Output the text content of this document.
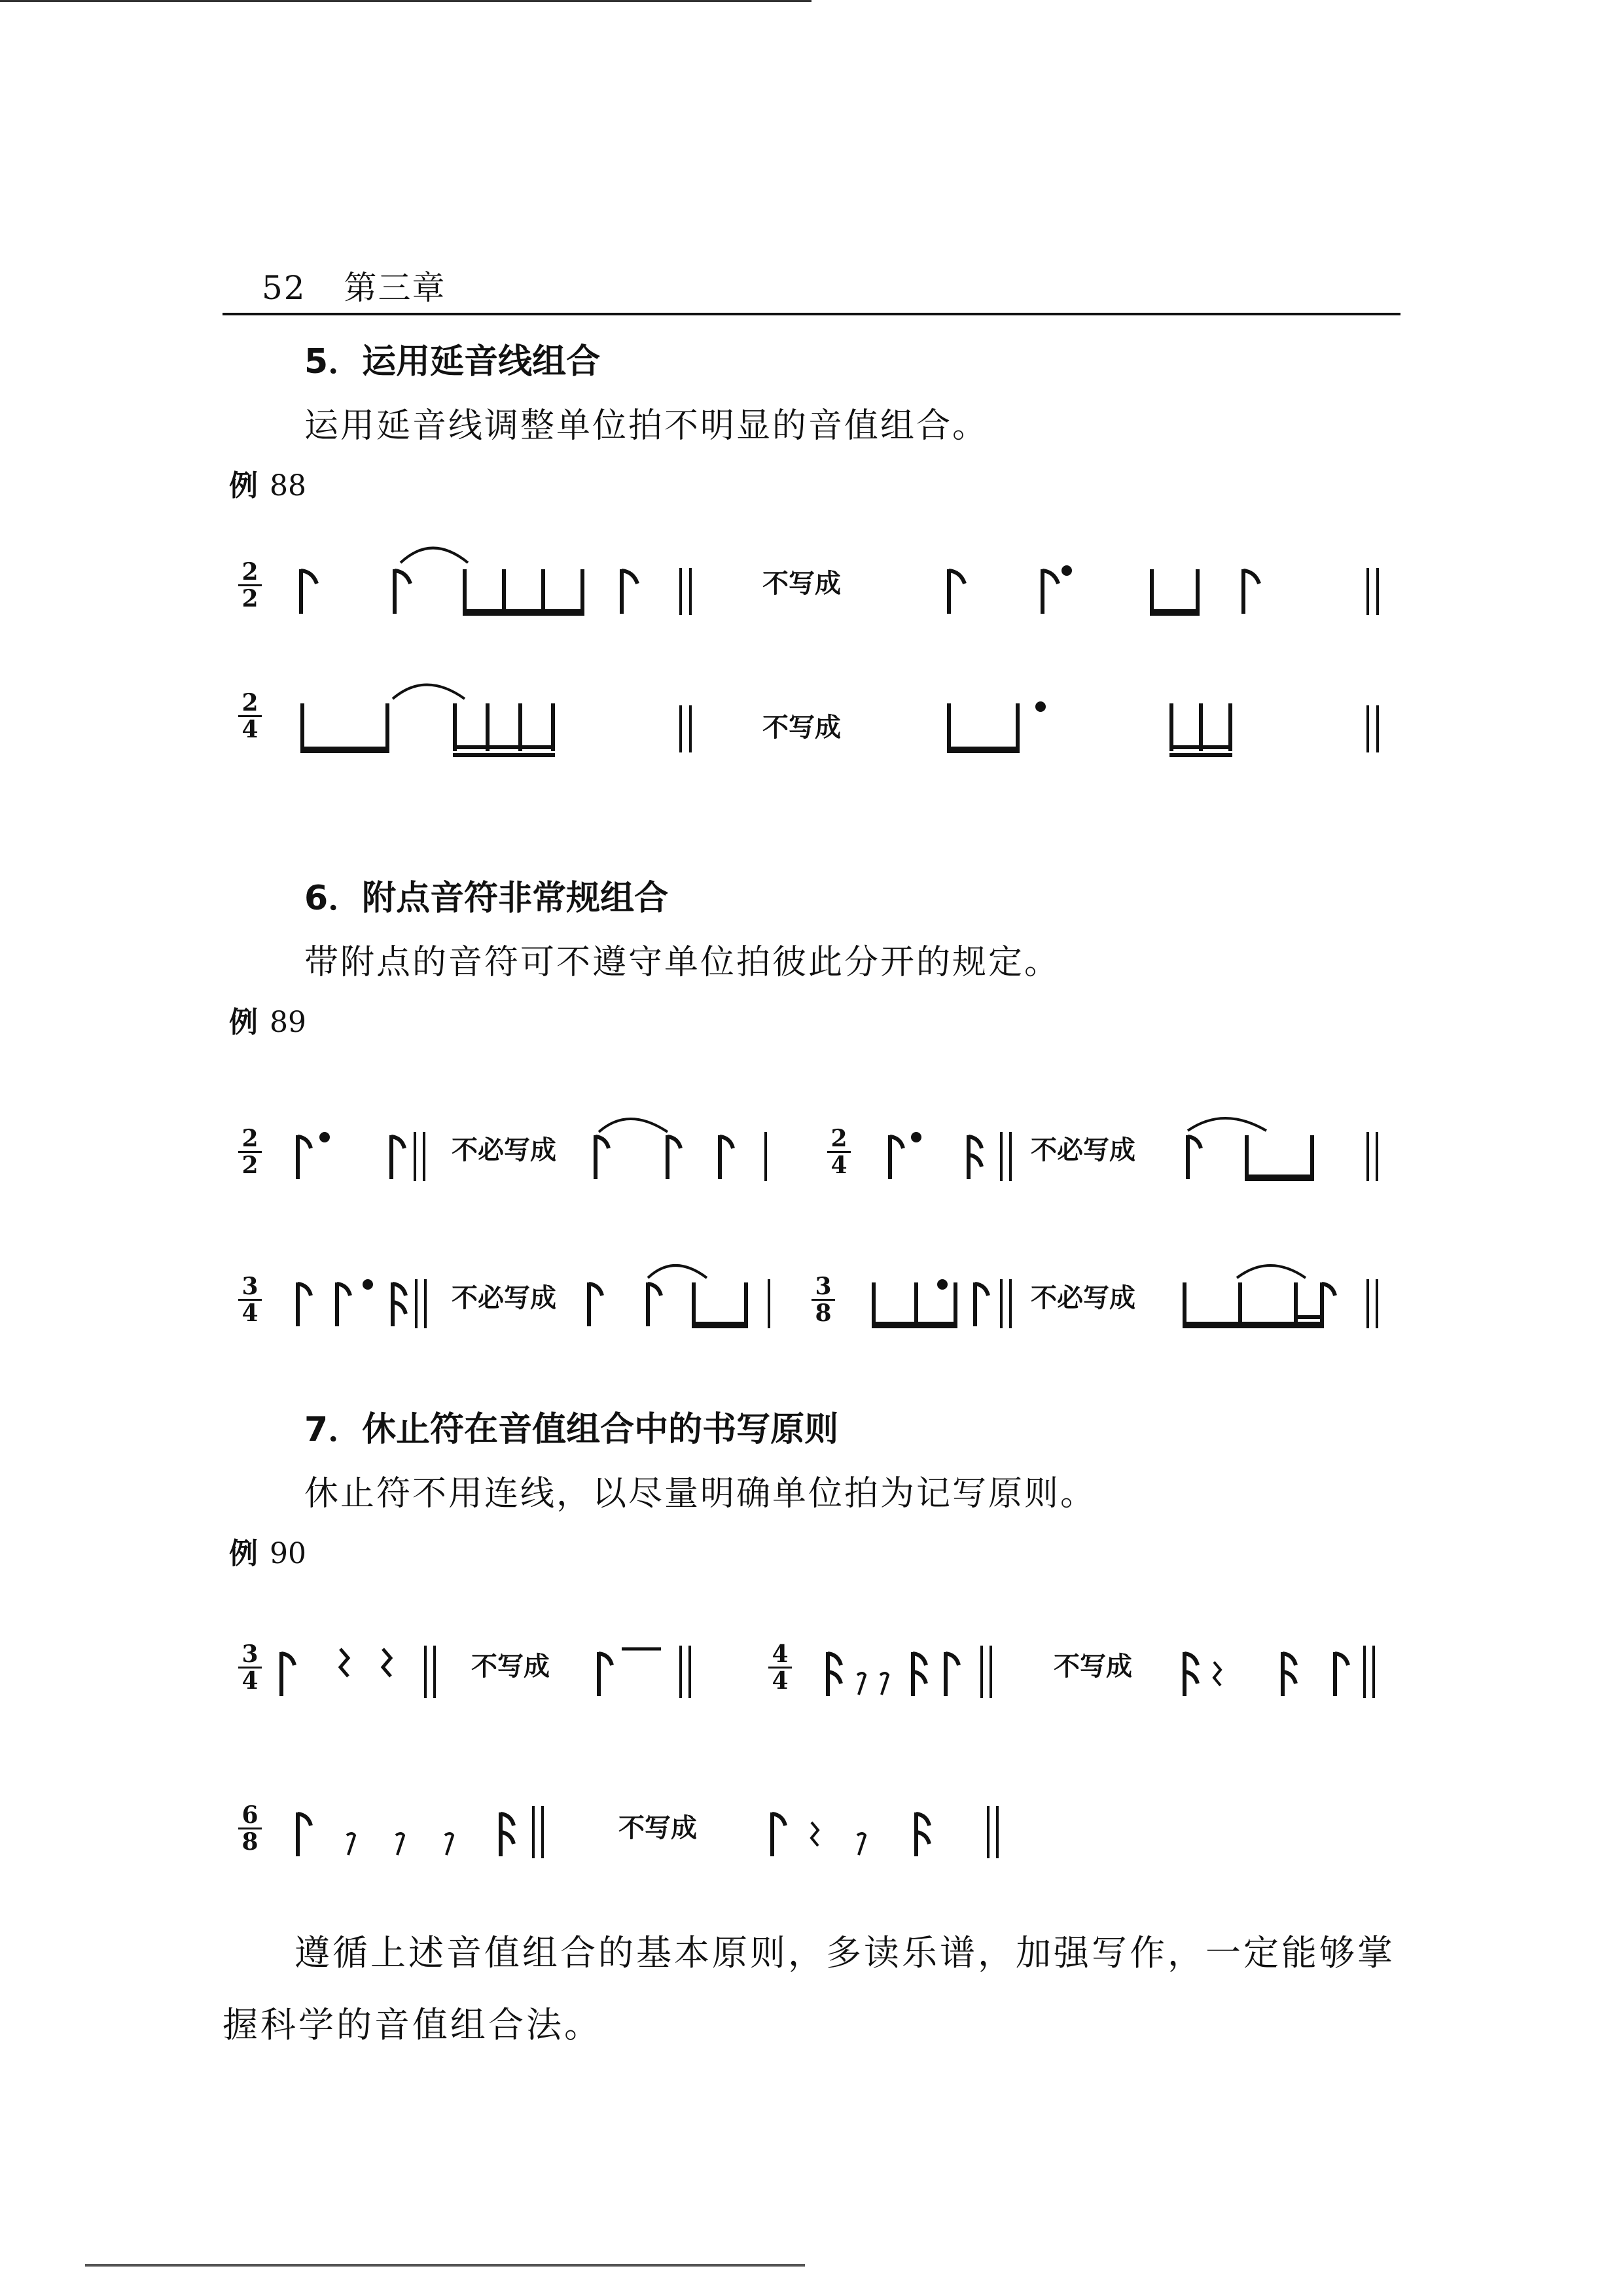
52 第三章
5．运用延音线组合
运用延音线调整单位拍不明显的音值组合。
例 88
2
2	不写成
2
4	不写成
6．附点音符非常规组合
带附点的音符可不遵守单位拍彼此分开的规定。
例 89
2
2	不必写成	2
4	不必写成
3
4	不必写成	3
8	不必写成
7．休止符在音值组合中的书写原则
休止符不用连线，以尽量明确单位拍为记写原则。
例 90
3
4	不写成	4
4	不写成
6
8	不写成
遵循上述音值组合的基本原则，多读乐谱，加强写作，一定能够掌握科学的音值组合法。
